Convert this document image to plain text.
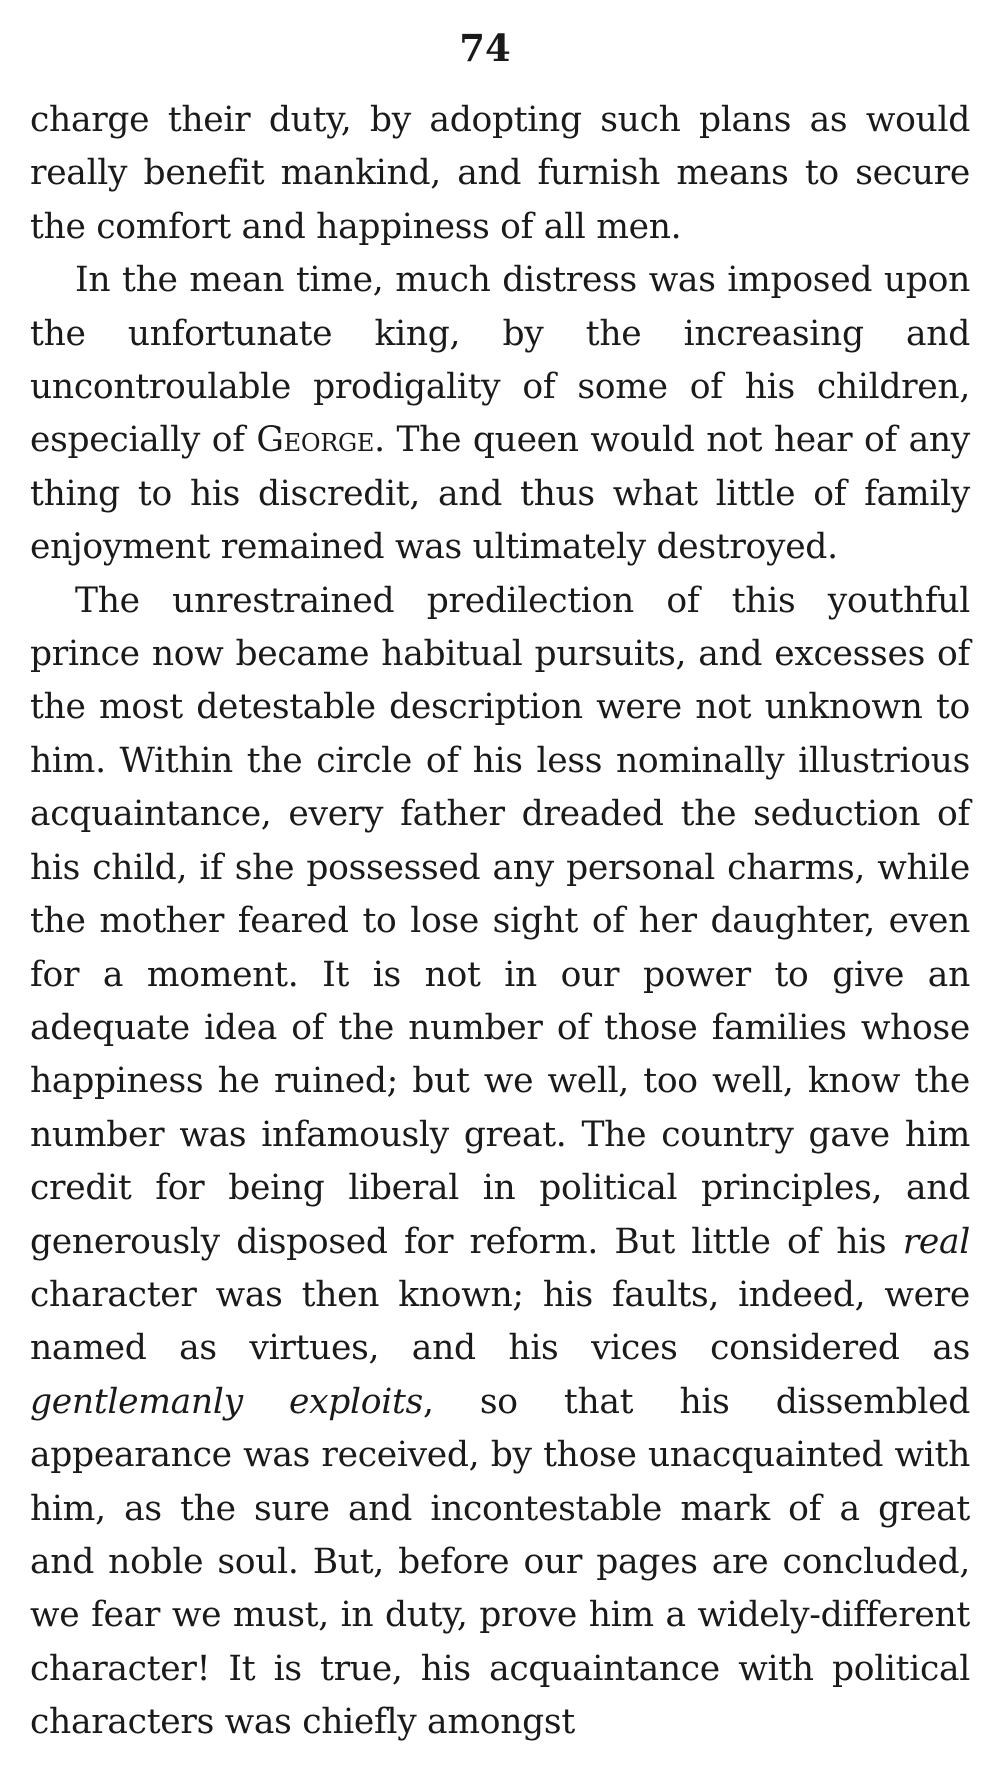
74

charge their duty, by adopting such plans as would really benefit mankind, and furnish means to secure the comfort and happiness of all men.

In the mean time, much distress was imposed upon the unfortunate king, by the increasing and uncontroulable prodigality of some of his children, especially of George. The queen would not hear of any thing to his discredit, and thus what little of family enjoyment remained was ultimately destroyed.

The unrestrained predilection of this youthful prince now became habitual pursuits, and excesses of the most detestable description were not unknown to him. Within the circle of his less nominally illustrious acquaintance, every father dreaded the seduction of his child, if she possessed any personal charms, while the mother feared to lose sight of her daughter, even for a moment. It is not in our power to give an adequate idea of the number of those families whose happiness he ruined; but we well, too well, know the number was infamously great. The country gave him credit for being liberal in political principles, and generously disposed for reform. But little of his real character was then known; his faults, indeed, were named as virtues, and his vices considered as gentlemanly exploits, so that his dissembled appearance was received, by those unacquainted with him, as the sure and incontestable mark of a great and noble soul. But, before our pages are concluded, we fear we must, in duty, prove him a widely-different character! It is true, his acquaintance with political characters was chiefly amongst
